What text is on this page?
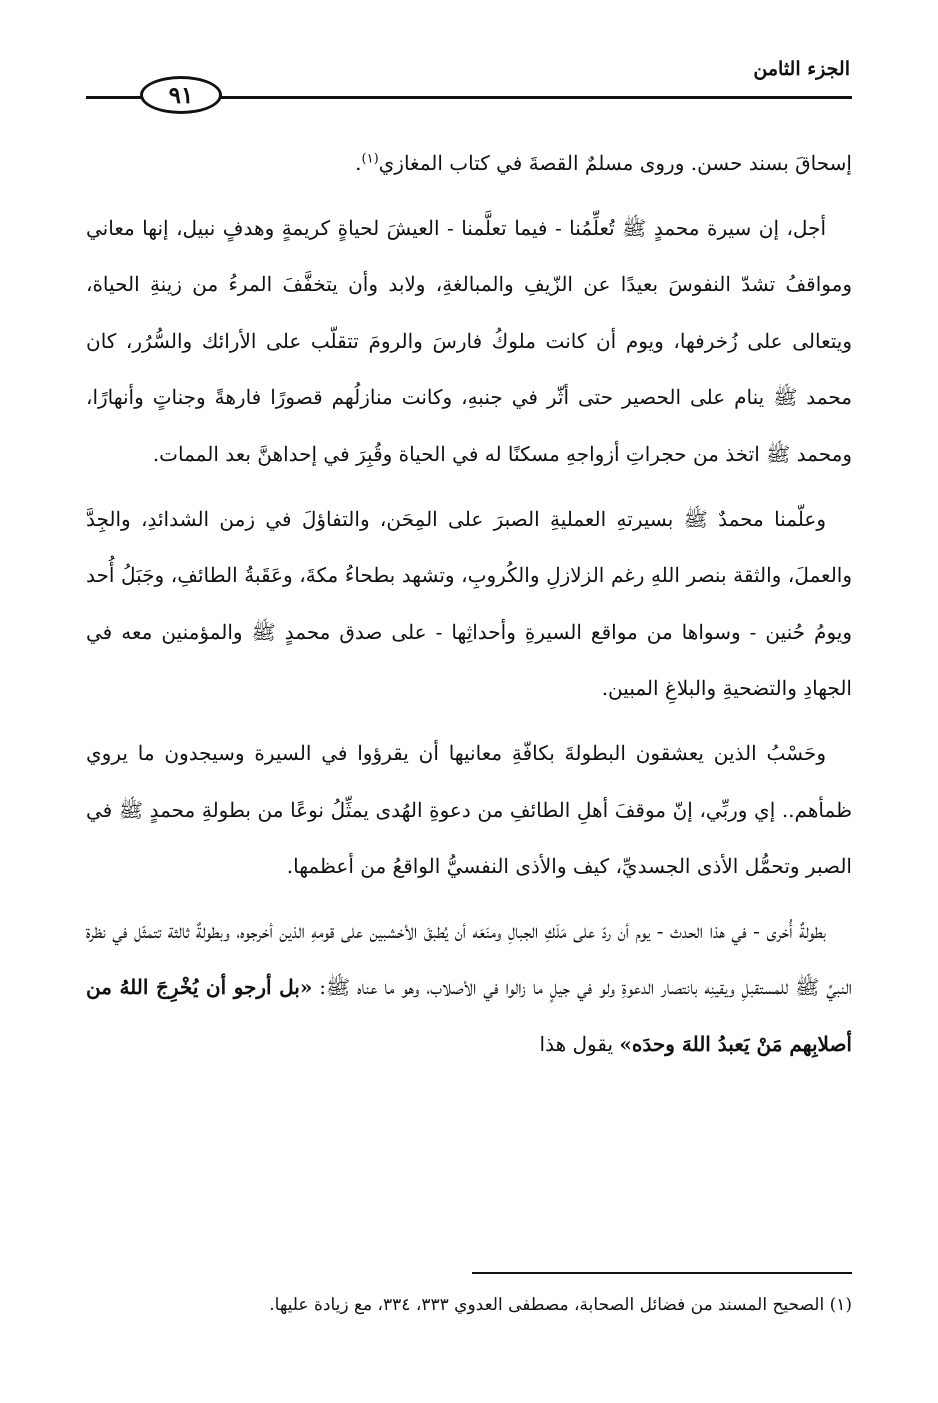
الجزء الثامن
٩١

إسحاقَ بسند حسن. وروى مسلمٌ القصةَ في كتاب المغازي$^{(١)}$.

أجل، إن سيرة محمدٍ ﷺ تُعلِّمُنا - فيما تعلَّمنا - العيشَ لحياةٍ كريمةٍ وهدفٍ نبيل، إنها معاني ومواقفُ تشدّ النفوسَ بعيدًا عن الزّيفِ والمبالغةِ، ولابد وأن يتخفَّفَ المرءُ من زينةِ الحياة، ويتعالى على زُخرفها، ويوم أن كانت ملوكُ فارسَ والرومَ تتقلّب على الأرائك والسُّرُر، كان محمد ﷺ ينام على الحصير حتى أثّر في جنبهِ، وكانت منازلُهم قصورًا فارهةً وجناتٍ وأنهارًا، ومحمد ﷺ اتخذ من حجراتِ أزواجهِ مسكنًا له في الحياة وقُبِرَ في إحداهنَّ بعد الممات.

وعلّمنا محمدٌ ﷺ بسيرتهِ العمليةِ الصبرَ على المِحَن، والتفاؤلَ في زمن الشدائدِ، والجِدَّ والعملَ، والثقة بنصر اللهِ رغم الزلازلِ والكُروبِ، وتشهد بطحاءُ مكةَ، وعَقَبةُ الطائفِ، وجَبَلُ أُحد ويومُ حُنين - وسواها من مواقع السيرةِ وأحداثِها - على صدق محمدٍ ﷺ والمؤمنين معه في الجهادِ والتضحيةِ والبلاغِ المبين.

وحَسْبُ الذين يعشقون البطولةَ بكافّةِ معانيها أن يقرؤوا في السيرة وسيجدون ما يروي ظمأهم.. إي وربِّي، إنّ موقفَ أهلِ الطائفِ من دعوةِ الهُدى يمثِّلُ نوعًا من بطولةِ محمدٍ ﷺ في الصبر وتحمُّل الأذى الجسديِّ، كيف والأذى النفسيُّ الواقعُ من أعظمها.

بطولةٌ أُخرى - في هذا الحدث - يوم أن ردّ على مَلَكِ الجبالِ ومنَعَه أن يُطبقَ الأخشبين على قومهِ الذين أخرجوه، وبطولةٌ ثالثة تتمثّل في نظرة النبيِّ ﷺ للمستقبلِ ويقينِه بانتصار الدعوةِ ولو في جيلٍ ما زالوا في الأصلاب، وهو ما عناه ﷺ: «بل أرجو أن يُخْرِجَ اللهُ من أصلابِهم مَنْ يَعبدُ اللهَ وحدَه» يقول هذا

(١) الصحيح المسند من فضائل الصحابة، مصطفى العدوي ٣٣٣، ٣٣٤، مع زيادة عليها.
